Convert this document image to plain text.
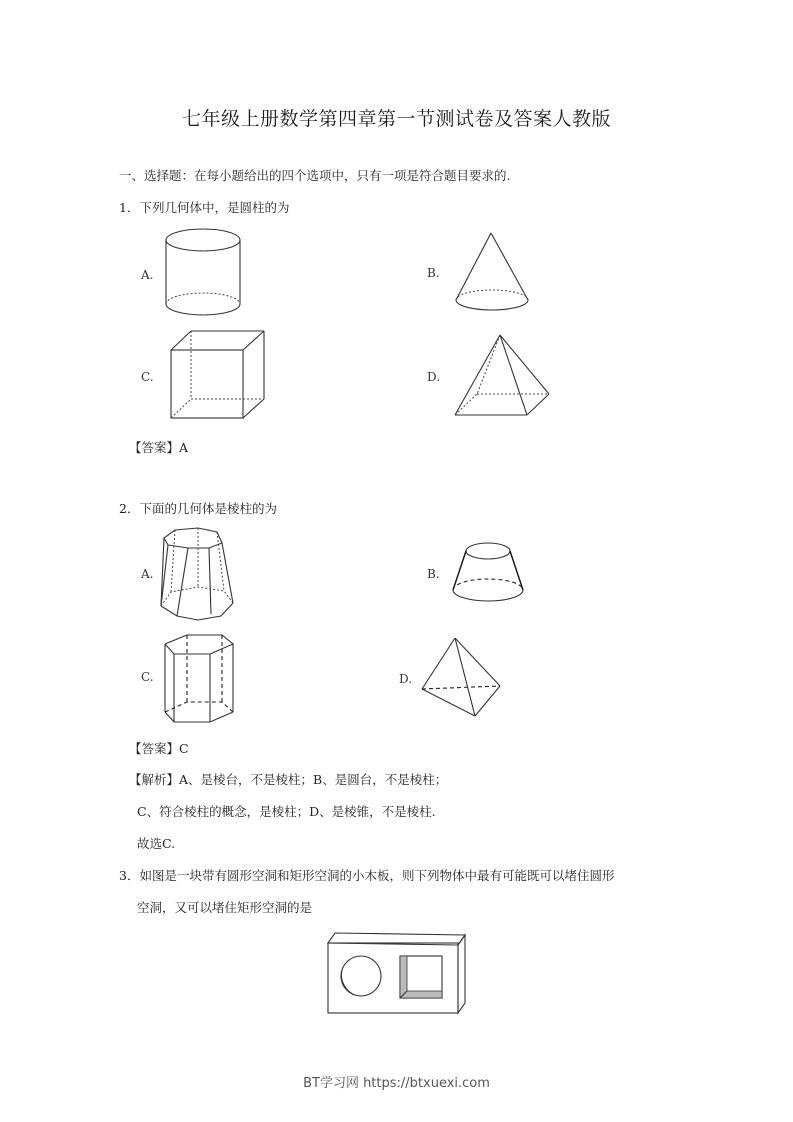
七年级上册数学第四章第一节测试卷及答案人教版
一、选择题：在每小题给出的四个选项中，只有一项是符合题目要求的.
1．下列几何体中，是圆柱的为
A.	B.
C.	D.
【答案】A
2．下面的几何体是棱柱的为
A.	B.
C.	D.
【答案】C
【解析】A、是棱台，不是棱柱；B、是圆台，不是棱柱；
C、符合棱柱的概念，是棱柱；D、是棱锥，不是棱柱.
故选C.
3．如图是一块带有圆形空洞和矩形空洞的小木板，则下列物体中最有可能既可以堵住圆形
空洞，又可以堵住矩形空洞的是
BT学习网 https://btxuexi.com
